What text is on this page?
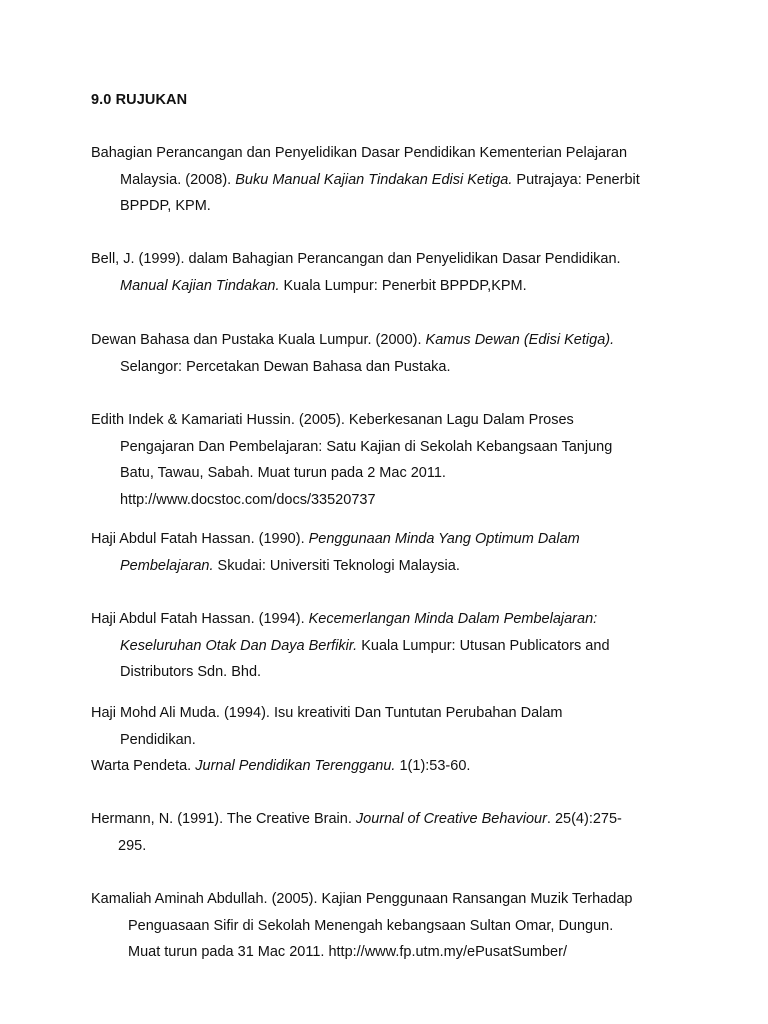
9.0 RUJUKAN
Bahagian Perancangan dan Penyelidikan Dasar Pendidikan Kementerian Pelajaran
Malaysia. (2008). Buku Manual Kajian Tindakan Edisi Ketiga. Putrajaya: Penerbit
BPPDP, KPM.
Bell, J. (1999). dalam Bahagian Perancangan dan Penyelidikan Dasar Pendidikan.
Manual Kajian Tindakan. Kuala Lumpur: Penerbit BPPDP,KPM.
Dewan Bahasa dan Pustaka Kuala Lumpur. (2000). Kamus Dewan (Edisi Ketiga).
Selangor: Percetakan Dewan Bahasa dan Pustaka.
Edith Indek & Kamariati Hussin. (2005). Keberkesanan Lagu Dalam Proses
Pengajaran Dan Pembelajaran: Satu Kajian di Sekolah Kebangsaan Tanjung
Batu, Tawau, Sabah. Muat turun pada 2 Mac 2011.
http://www.docstoc.com/docs/33520737
Haji Abdul Fatah Hassan. (1990). Penggunaan Minda Yang Optimum Dalam
Pembelajaran. Skudai: Universiti Teknologi Malaysia.
Haji Abdul Fatah Hassan. (1994). Kecemerlangan Minda Dalam Pembelajaran:
Keseluruhan Otak Dan Daya Berfikir. Kuala Lumpur: Utusan Publicators and
Distributors Sdn. Bhd.
Haji Mohd Ali Muda. (1994). Isu kreativiti Dan Tuntutan Perubahan Dalam
Pendidikan.
Warta Pendeta. Jurnal Pendidikan Terengganu. 1(1):53-60.
Hermann, N. (1991). The Creative Brain. Journal of Creative Behaviour. 25(4):275-
295.
Kamaliah Aminah Abdullah. (2005). Kajian Penggunaan Ransangan Muzik Terhadap
Penguasaan Sifir di Sekolah Menengah kebangsaan Sultan Omar, Dungun.
Muat turun pada 31 Mac 2011. http://www.fp.utm.my/ePusatSumber/
